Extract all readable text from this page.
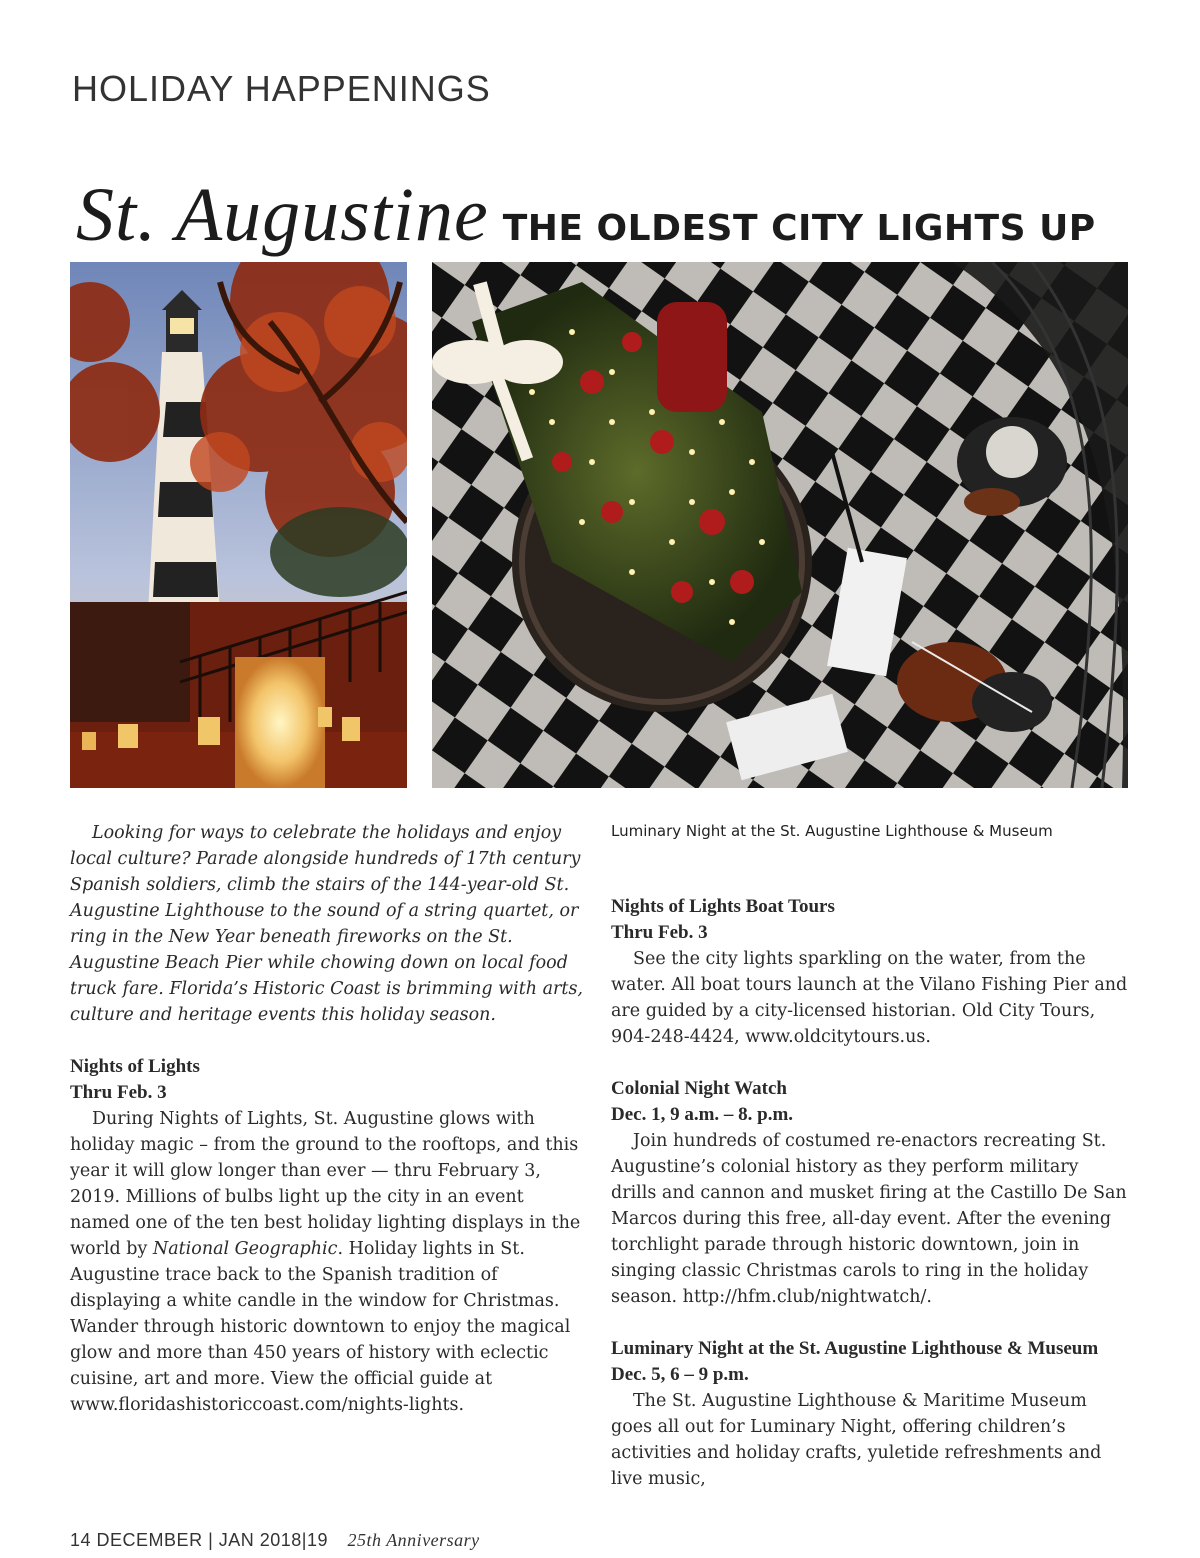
HOLIDAY HAPPENINGS
St. Augustine THE OLDEST CITY LIGHTS UP

Looking for ways to celebrate the holidays and enjoy local culture? Parade alongside hundreds of 17th century Spanish soldiers, climb the stairs of the 144-year-old St. Augustine Lighthouse to the sound of a string quartet, or ring in the New Year beneath fireworks on the St. Augustine Beach Pier while chowing down on local food truck fare. Florida’s Historic Coast is brimming with arts, culture and heritage events this holiday season.

Nights of Lights
Thru Feb. 3

During Nights of Lights, St. Augustine glows with holiday magic – from the ground to the rooftops, and this year it will glow longer than ever — thru February 3, 2019. Millions of bulbs light up the city in an event named one of the ten best holiday lighting displays in the world by National Geographic. Holiday lights in St. Augustine trace back to the Spanish tradition of displaying a white candle in the window for Christmas. Wander through historic downtown to enjoy the magical glow and more than 450 years of history with eclectic cuisine, art and more. View the official guide at www.floridashistoriccoast.com/nights-lights.

Luminary Night at the St. Augustine Lighthouse & Museum

Nights of Lights Boat Tours
Thru Feb. 3

See the city lights sparkling on the water, from the water. All boat tours launch at the Vilano Fishing Pier and are guided by a city-licensed historian. Old City Tours, 904-248-4424, www.oldcitytours.us.

Colonial Night Watch
Dec. 1, 9 a.m. – 8. p.m.

Join hundreds of costumed re-enactors recreating St. Augustine’s colonial history as they perform military drills and cannon and musket firing at the Castillo De San Marcos during this free, all-day event. After the evening torchlight parade through historic downtown, join in singing classic Christmas carols to ring in the holiday season. http://hfm.club/nightwatch/.

Luminary Night at the St. Augustine Lighthouse & Museum
Dec. 5, 6 – 9 p.m.

The St. Augustine Lighthouse & Maritime Museum goes all out for Luminary Night, offering children’s activities and holiday crafts, yuletide refreshments and live music,

14 DECEMBER | JAN 2018|19 25th Anniversary
